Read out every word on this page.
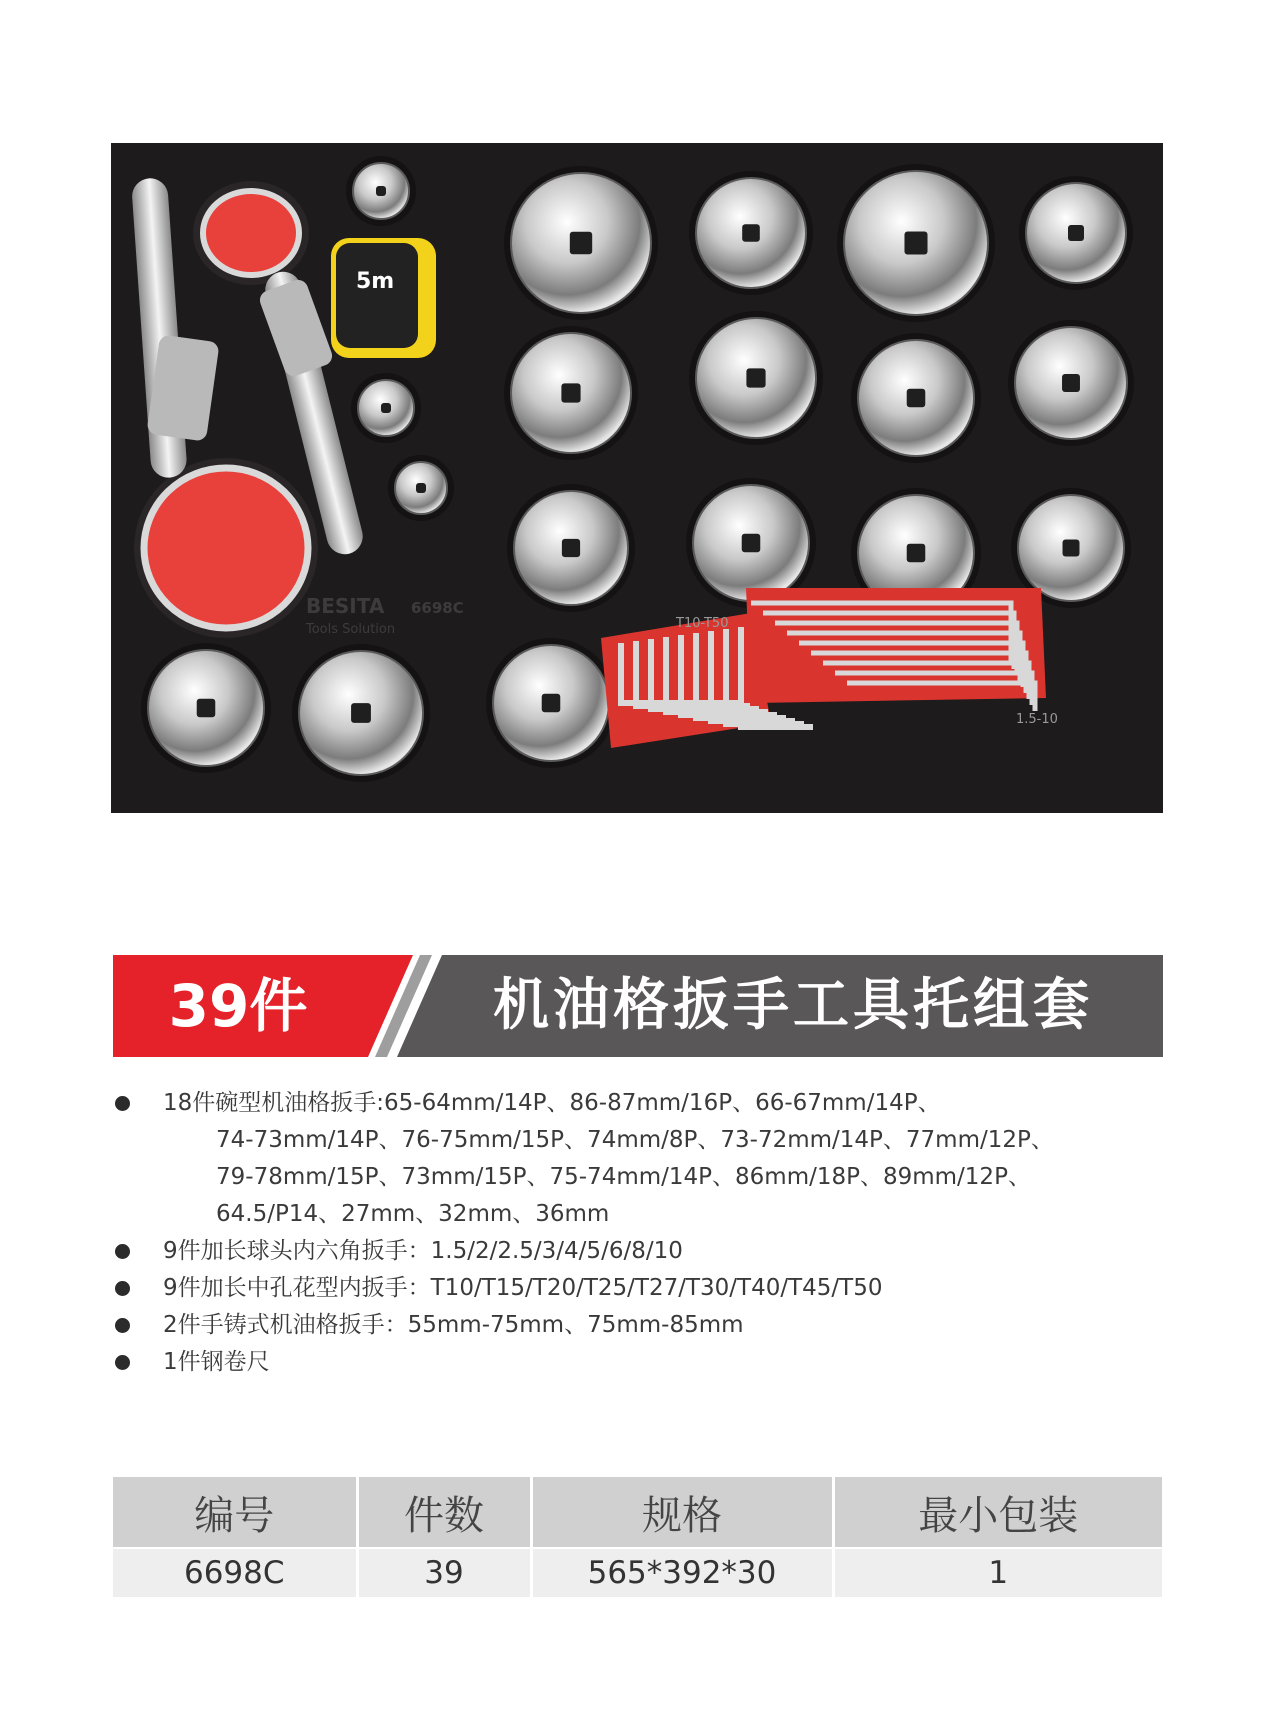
5m
BESITA
Tools Solution
6698C
T10-T50
1.5-10
39件	机油格扳手工具托组套
18件碗型机油格扳手:65-64mm/14P、86-87mm/16P、66-67mm/14P、
74-73mm/14P、76-75mm/15P、74mm/8P、73-72mm/14P、77mm/12P、
79-78mm/15P、73mm/15P、75-74mm/14P、86mm/18P、89mm/12P、
64.5/P14、27mm、32mm、36mm
9件加长球头内六角扳手：1.5/2/2.5/3/4/5/6/8/10
9件加长中孔花型内扳手：T10/T15/T20/T25/T27/T30/T40/T45/T50
2件手铸式机油格扳手：55mm-75mm、75mm-85mm
1件钢卷尺
编号	件数	规格	最小包装
6698C	39	565*392*30	1
